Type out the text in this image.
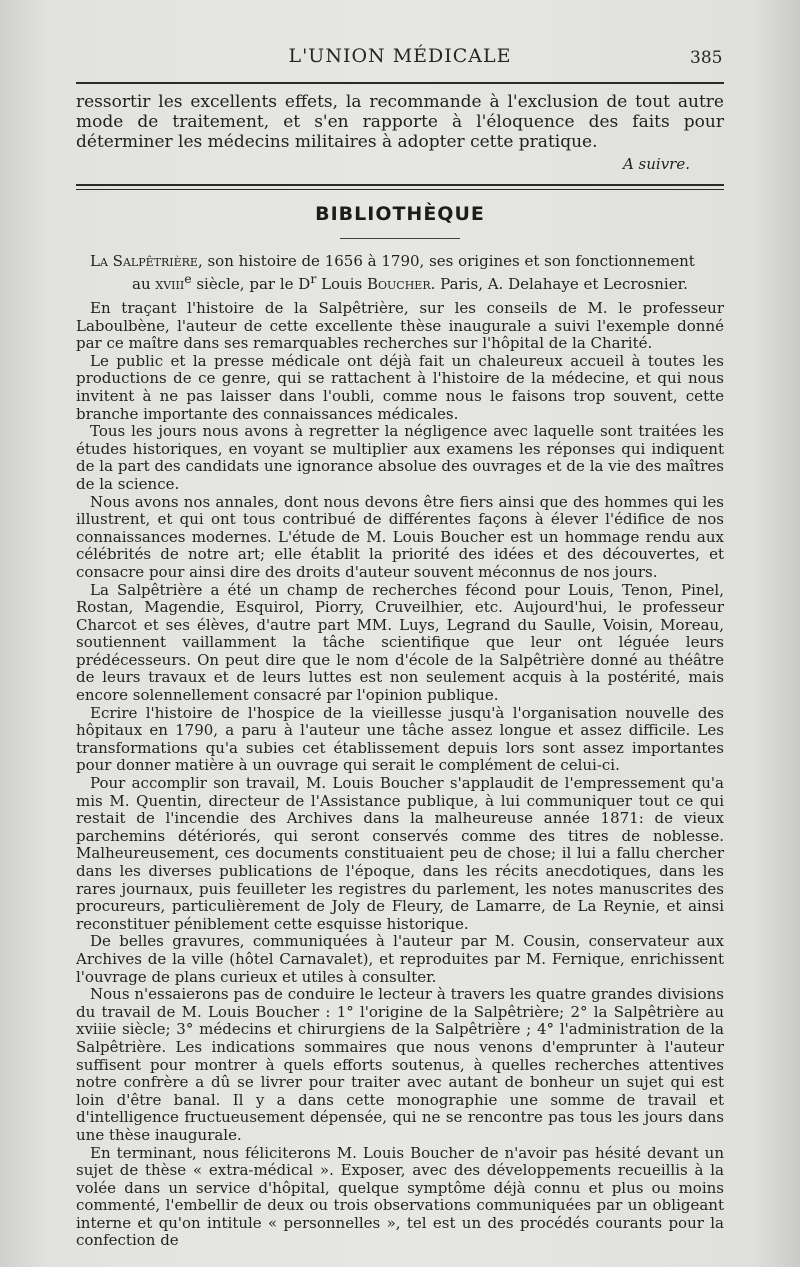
L'UNION MÉDICALE	385
ressortir les excellents effets, la recommande à l'exclusion de tout autre mode de traitement, et s'en rapporte à l'éloquence des faits pour déterminer les médecins militaires à adopter cette pratique.
A suivre.
BIBLIOTHÈQUE

La Salpêtrière, son histoire de 1656 à 1790, ses origines et son fonctionnement

au xviii$^e$ siècle, par le $D^r$ Louis Boucher. Paris, A. Delahaye et Lecrosnier.

En traçant l'histoire de la Salpêtrière, sur les conseils de M. le professeur Laboulbène, l'auteur de cette excellente thèse inaugurale a suivi l'exemple donné par ce maître dans ses remarquables recherches sur l'hôpital de la Charité.

Le public et la presse médicale ont déjà fait un chaleureux accueil à toutes les productions de ce genre, qui se rattachent à l'histoire de la médecine, et qui nous invitent à ne pas laisser dans l'oubli, comme nous le faisons trop souvent, cette branche importante des connaissances médicales.

Tous les jours nous avons à regretter la négligence avec laquelle sont traitées les études historiques, en voyant se multiplier aux examens les réponses qui indiquent de la part des candidats une ignorance absolue des ouvrages et de la vie des maîtres de la science.

Nous avons nos annales, dont nous devons être fiers ainsi que des hommes qui les illustrent, et qui ont tous contribué de différentes façons à élever l'édifice de nos connaissances modernes. L'étude de M. Louis Boucher est un hommage rendu aux célébrités de notre art; elle établit la priorité des idées et des découvertes, et consacre pour ainsi dire des droits d'auteur souvent méconnus de nos jours.

La Salpêtrière a été un champ de recherches fécond pour Louis, Tenon, Pinel, Rostan, Magendie, Esquirol, Piorry, Cruveilhier, etc. Aujourd'hui, le professeur Charcot et ses élèves, d'autre part MM. Luys, Legrand du Saulle, Voisin, Moreau, soutiennent vaillamment la tâche scientifique que leur ont léguée leurs prédécesseurs. On peut dire que le nom d'école de la Salpêtrière donné au théâtre de leurs travaux et de leurs luttes est non seulement acquis à la postérité, mais encore solennellement consacré par l'opinion publique.

Ecrire l'histoire de l'hospice de la vieillesse jusqu'à l'organisation nouvelle des hôpitaux en 1790, a paru à l'auteur une tâche assez longue et assez difficile. Les transformations qu'a subies cet établissement depuis lors sont assez importantes pour donner matière à un ouvrage qui serait le complément de celui-ci.

Pour accomplir son travail, M. Louis Boucher s'applaudit de l'empressement qu'a mis M. Quentin, directeur de l'Assistance publique, à lui communiquer tout ce qui restait de l'incendie des Archives dans la malheureuse année 1871: de vieux parchemins détériorés, qui seront conservés comme des titres de noblesse. Malheureusement, ces documents constituaient peu de chose; il lui a fallu chercher dans les diverses publications de l'époque, dans les récits anecdotiques, dans les rares journaux, puis feuilleter les registres du parlement, les notes manuscrites des procureurs, particulièrement de Joly de Fleury, de Lamarre, de La Reynie, et ainsi reconstituer péniblement cette esquisse historique.

De belles gravures, communiquées à l'auteur par M. Cousin, conservateur aux Archives de la ville (hôtel Carnavalet), et reproduites par M. Fernique, enrichissent l'ouvrage de plans curieux et utiles à consulter.

Nous n'essaierons pas de conduire le lecteur à travers les quatre grandes divisions du travail de M. Louis Boucher : 1° l'origine de la Salpêtrière; 2° la Salpêtrière au xviiie siècle; 3° médecins et chirurgiens de la Salpêtrière ; 4° l'administration de la Salpêtrière. Les indications sommaires que nous venons d'emprunter à l'auteur suffisent pour montrer à quels efforts soutenus, à quelles recherches attentives notre confrère a dû se livrer pour traiter avec autant de bonheur un sujet qui est loin d'être banal. Il y a dans cette monographie une somme de travail et d'intelligence fructueusement dépensée, qui ne se rencontre pas tous les jours dans une thèse inaugurale.

En terminant, nous féliciterons M. Louis Boucher de n'avoir pas hésité devant un sujet de thèse « extra-médical ». Exposer, avec des développements recueillis à la volée dans un service d'hôpital, quelque symptôme déjà connu et plus ou moins commenté, l'embellir de deux ou trois observations communiquées par un obligeant interne et qu'on intitule « personnelles », tel est un des procédés courants pour la confection de
